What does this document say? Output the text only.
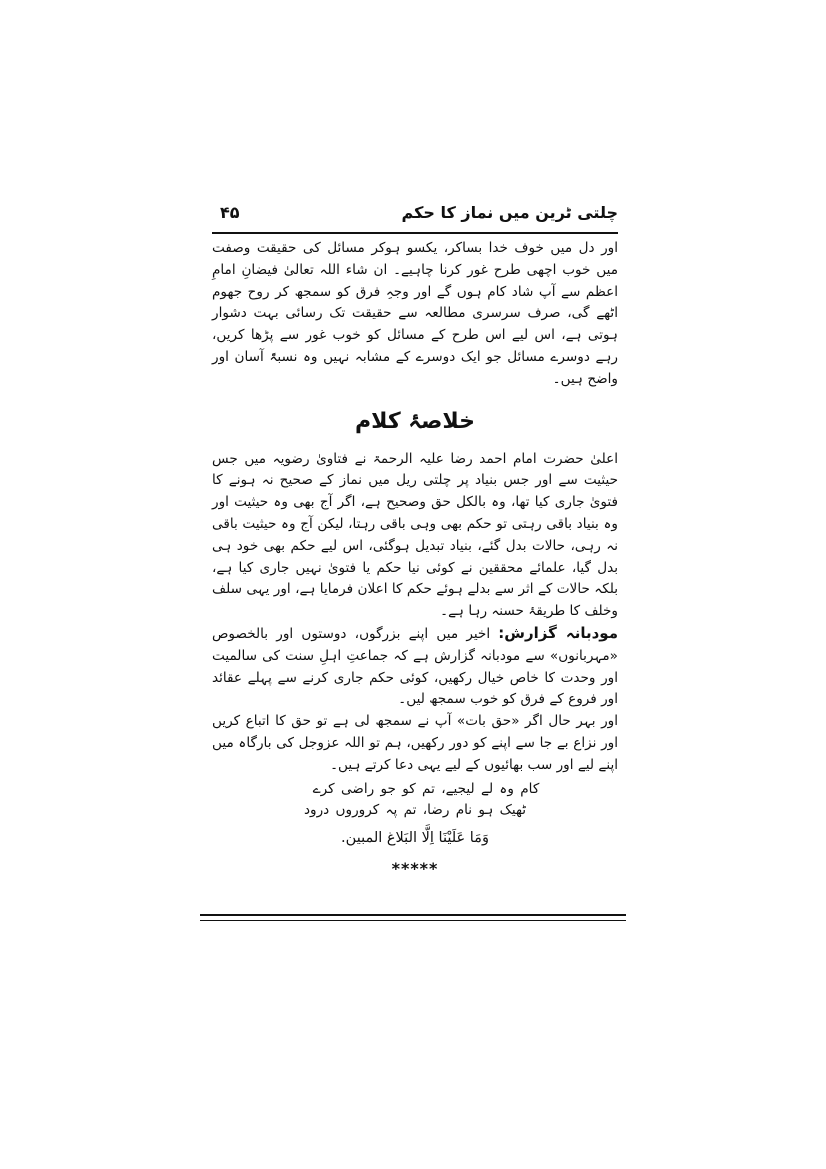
چلتی ٹرین میں نماز کا حکم
۴۵

اور دل میں خوف خدا بساکر، یکسو ہوکر مسائل کی حقیقت وصفت میں خوب اچھی طرح غور کرنا چاہیے۔ ان شاء اللہ تعالیٰ فیضانِ امامِ اعظم سے آپ شاد کام ہوں گے اور وجہِ فرق کو سمجھ کر روح جھوم اٹھے گی، صرف سرسری مطالعہ سے حقیقت تک رسائی بہت دشوار ہوتی ہے، اس لیے اس طرح کے مسائل کو خوب غور سے پڑھا کریں، رہے دوسرے مسائل جو ایک دوسرے کے مشابہ نہیں وہ نسبۃً آسان اور واضح ہیں۔

خلاصۂ کلام

اعلیٰ حضرت امام احمد رضا علیہ الرحمۃ نے فتاویٰ رضویہ میں جس حیثیت سے اور جس بنیاد پر چلتی ریل میں نماز کے صحیح نہ ہونے کا فتویٰ جاری کیا تھا، وہ بالکل حق وصحیح ہے، اگر آج بھی وہ حیثیت اور وہ بنیاد باقی رہتی تو حکم بھی وہی باقی رہتا، لیکن آج وہ حیثیت باقی نہ رہی، حالات بدل گئے، بنیاد تبدیل ہوگئی، اس لیے حکم بھی خود ہی بدل گیا، علمائے محققین نے کوئی نیا حکم یا فتویٰ نہیں جاری کیا ہے، بلکہ حالات کے اثر سے بدلے ہوئے حکم کا اعلان فرمایا ہے، اور یہی سلف وخلف کا طریقۂ حسنہ رہا ہے۔

مودبانہ گزارش: اخیر میں اپنے بزرگوں، دوستوں اور بالخصوص «مہربانوں» سے مودبانہ گزارش ہے کہ جماعتِ اہلِ سنت کی سالمیت اور وحدت کا خاص خیال رکھیں، کوئی حکم جاری کرنے سے پہلے عقائد اور فروع کے فرق کو خوب سمجھ لیں۔

اور بہر حال اگر «حق بات» آپ نے سمجھ لی ہے تو حق کا اتباع کریں اور نزاع بے جا سے اپنے کو دور رکھیں، ہم تو اللہ عزوجل کی بارگاہ میں اپنے لیے اور سب بھائیوں کے لیے یہی دعا کرتے ہیں۔

کام وہ لے لیجیے، تم کو جو راضی کرے ٹھیک ہو نام رضا، تم پہ کروروں درود

وَمَا عَلَيْنَا اِلَّا البَلاغ المبين.

*****
